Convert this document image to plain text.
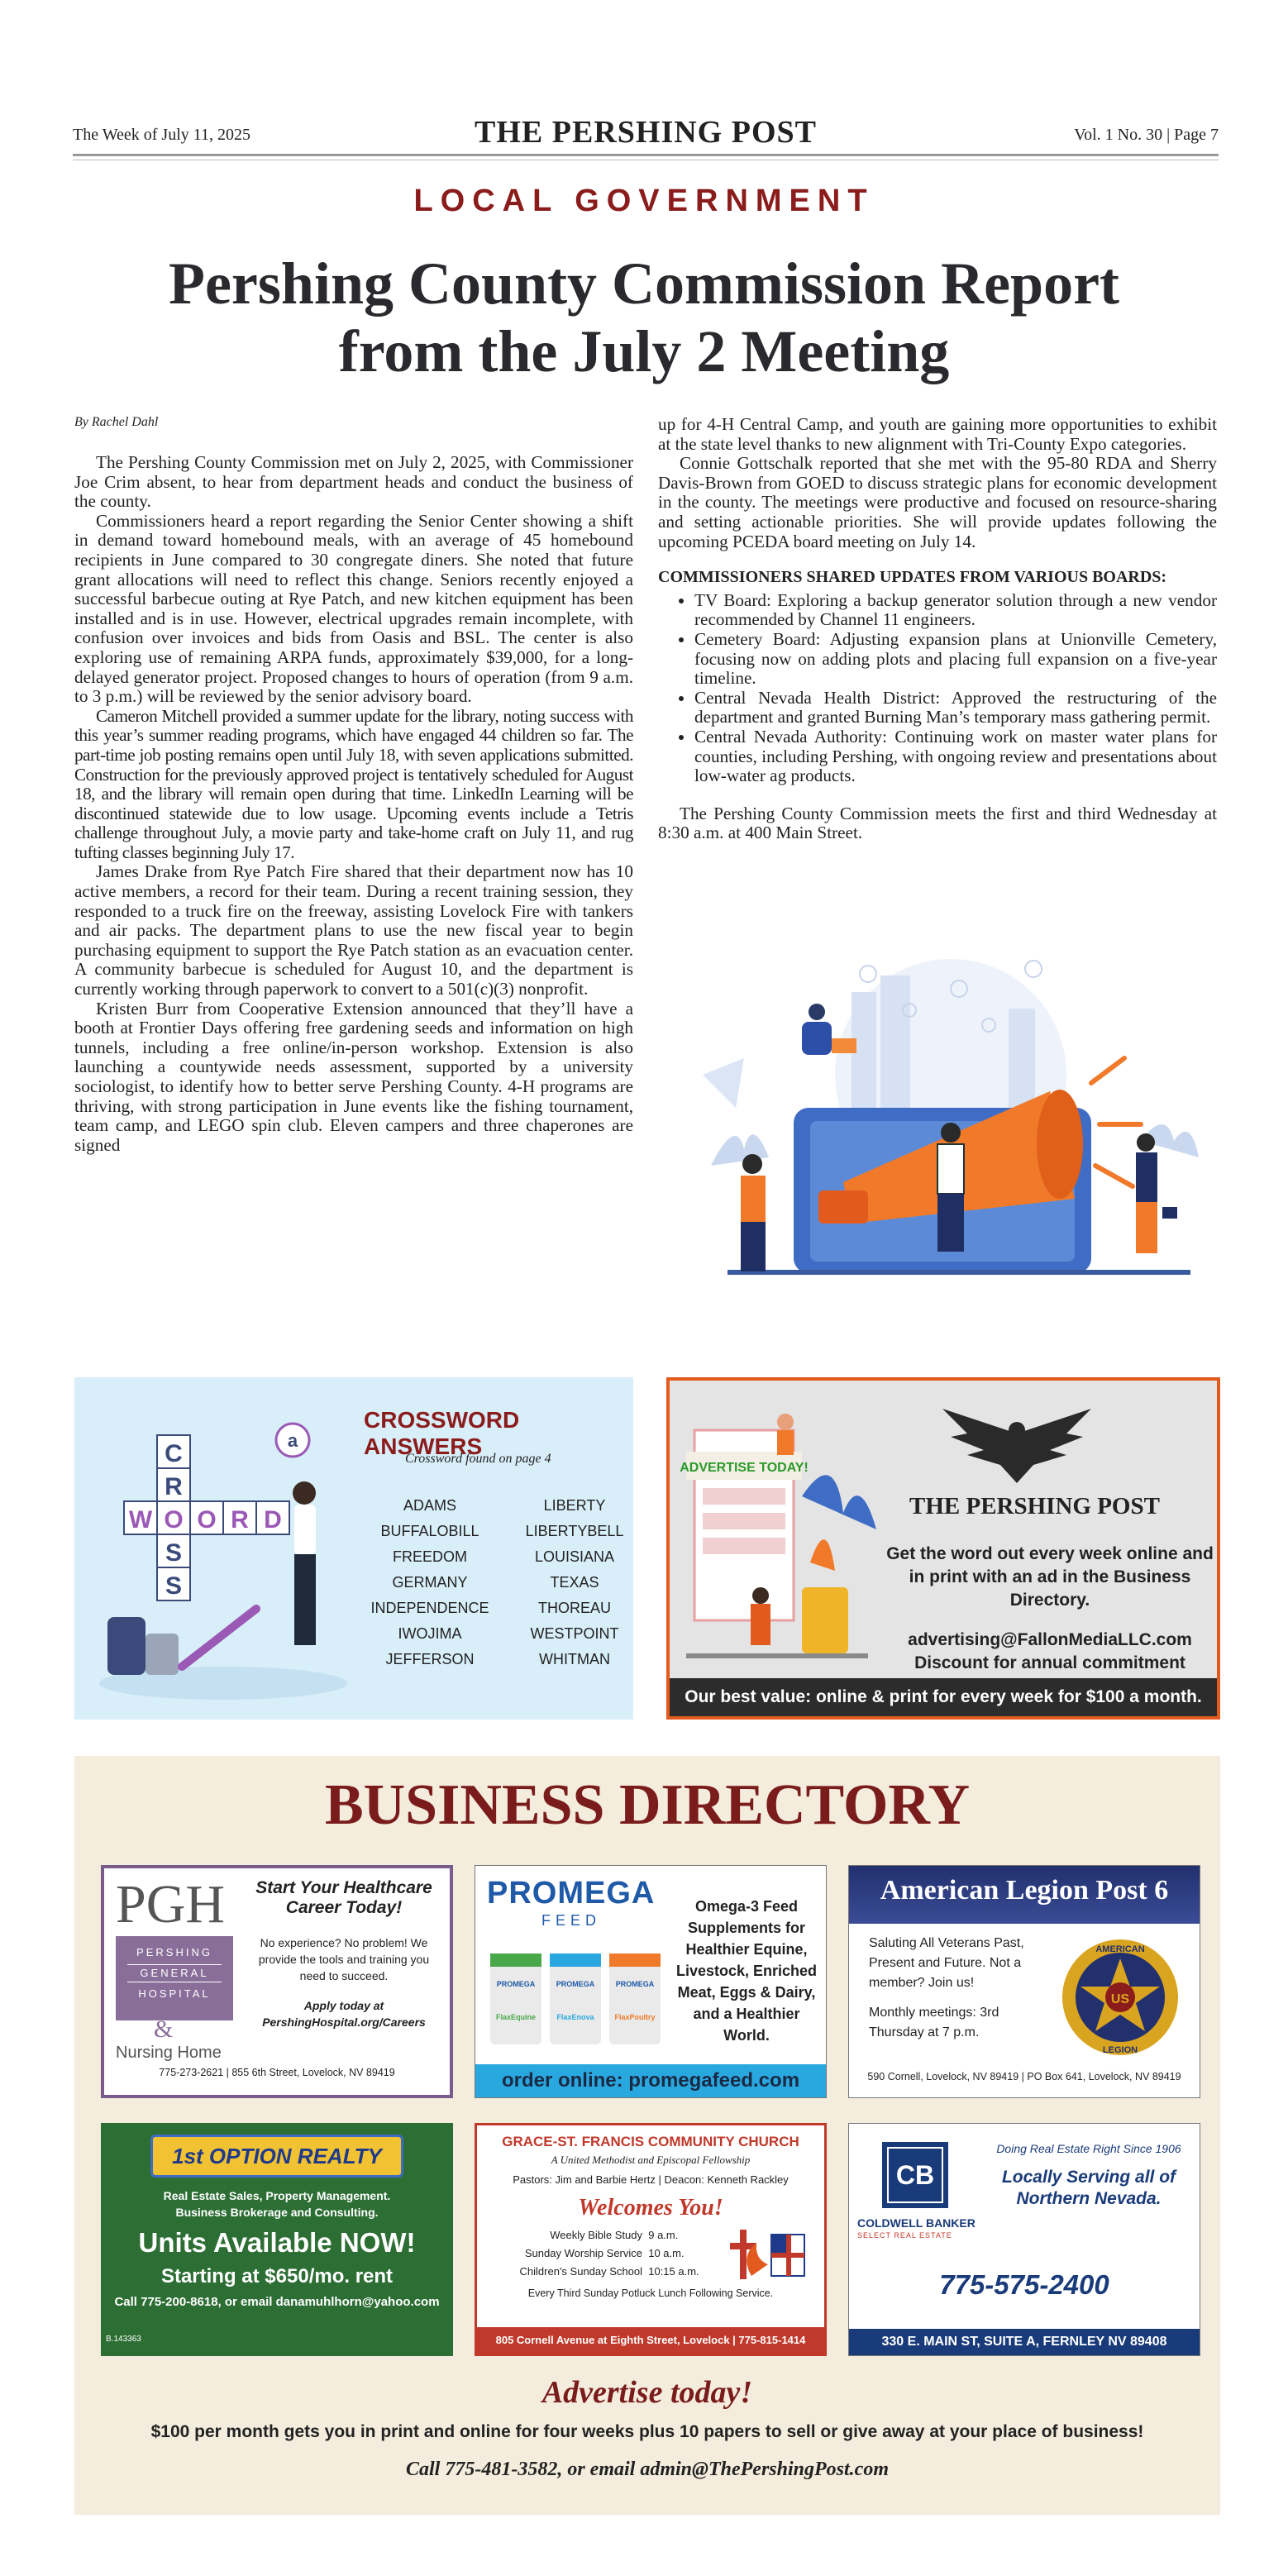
The Week of July 11, 2025	THE PERSHING POST	Vol. 1 No. 30 | Page 7
LOCAL GOVERNMENT
Pershing County Commission Report
from the July 2 Meeting
By Rachel Dahl

The Pershing County Commission met on July 2, 2025, with Commissioner Joe Crim absent, to hear from department heads and conduct the business of the county.

Commissioners heard a report regarding the Senior Center showing a shift in demand toward homebound meals, with an average of 45 homebound recipients in June compared to 30 congregate diners. She noted that future grant allocations will need to reflect this change. Seniors recently enjoyed a successful barbecue outing at Rye Patch, and new kitchen equipment has been installed and is in use. However, electrical upgrades remain incomplete, with confusion over invoices and bids from Oasis and BSL. The center is also exploring use of remaining ARPA funds, approximately $39,000, for a long-delayed generator project. Proposed changes to hours of operation (from 9 a.m. to 3 p.m.) will be reviewed by the senior advisory board.

Cameron Mitchell provided a summer update for the library, noting success with this year’s summer reading programs, which have engaged 44 children so far. The part-time job posting remains open until July 18, with seven applications submitted. Construction for the previously approved project is tentatively scheduled for August 18, and the library will remain open during that time. LinkedIn Learning will be discontinued statewide due to low usage. Upcoming events include a Tetris challenge throughout July, a movie party and take-home craft on July 11, and rug tufting classes beginning July 17.

James Drake from Rye Patch Fire shared that their department now has 10 active members, a record for their team. During a recent training session, they responded to a truck fire on the freeway, assisting Lovelock Fire with tankers and air packs. The department plans to use the new fiscal year to begin purchasing equipment to support the Rye Patch station as an evacuation center. A community barbecue is scheduled for August 10, and the department is currently working through paperwork to convert to a 501(c)(3) nonprofit.

Kristen Burr from Cooperative Extension announced that they’ll have a booth at Frontier Days offering free gardening seeds and information on high tunnels, including a free online/in-person workshop. Extension is also launching a countywide needs assessment, supported by a university sociologist, to identify how to better serve Pershing County. 4-H programs are thriving, with strong participation in June events like the fishing tournament, team camp, and LEGO spin club. Eleven campers and three chaperones are signed

up for 4-H Central Camp, and youth are gaining more opportunities to exhibit at the state level thanks to new alignment with Tri-County Expo categories.

Connie Gottschalk reported that she met with the 95-80 RDA and Sherry Davis-Brown from GOED to discuss strategic plans for economic development in the county. The meetings were productive and focused on resource-sharing and setting actionable priorities. She will provide updates following the upcoming PCEDA board meeting on July 14.

COMMISSIONERS SHARED UPDATES FROM VARIOUS BOARDS:
• TV Board: Exploring a backup generator solution through a new vendor recommended by Channel 11 engineers.
• Cemetery Board: Adjusting expansion plans at Unionville Cemetery, focusing now on adding plots and placing full expansion on a five-year timeline.
• Central Nevada Health District: Approved the restructuring of the department and granted Burning Man’s temporary mass gathering permit.
• Central Nevada Authority: Continuing work on master water plans for counties, including Pershing, with ongoing review and presentations about low-water ag products.

The Pershing County Commission meets the first and third Wednesday at 8:30 a.m. at 400 Main Street.

C
R
O
S
S
W O R D
a
CROSSWORD ANSWERS
Crossword found on page 4
ADAMS
BUFFALOBILL
FREEDOM
GERMANY
INDEPENDENCE
IWOJIMA
JEFFERSON
LIBERTY
LIBERTYBELL
LOUISIANA
TEXAS
THOREAU
WESTPOINT
WHITMAN
ADVERTISE TODAY!
THE PERSHING POST
Get the word out every week online and in print with an ad in the Business Directory.
advertising@FallonMediaLLC.com
Discount for annual commitment
Our best value: online & print for every week for $100 a month.
BUSINESS DIRECTORY
PGH
PERSHING
GENERAL
HOSPITAL
&
Nursing Home
Start Your Healthcare Career Today!
No experience? No problem! We provide the tools and training you need to succeed.
Apply today at PershingHospital.org/Careers
775-273-2621 | 855 6th Street, Lovelock, NV 89419
PROMEGA
FEED
PROMEGA
FlaxEquine
PROMEGA
FlaxEnova
PROMEGA
FlaxPoultry
Omega-3 Feed Supplements for Healthier Equine, Livestock, Enriched Meat, Eggs & Dairy, and a Healthier World.
order online: promegafeed.com
American Legion Post 6
Saluting All Veterans Past, Present and Future. Not a member? Join us!
Monthly meetings: 3rd Thursday at 7 p.m.
US
AMERICAN
LEGION
590 Cornell, Lovelock, NV 89419 | PO Box 641, Lovelock, NV 89419
1st OPTION REALTY
Real Estate Sales, Property Management.
Business Brokerage and Consulting.
Units Available NOW!
Starting at $650/mo. rent
Call 775-200-8618, or email danamuhlhorn@yahoo.com
B.143363
GRACE-ST. FRANCIS COMMUNITY CHURCH
A United Methodist and Episcopal Fellowship
Pastors: Jim and Barbie Hertz | Deacon: Kenneth Rackley
Welcomes You!
Weekly Bible Study 9 a.m.
Sunday Worship Service 10 a.m.
Children's Sunday School 10:15 a.m.
Every Third Sunday Potluck Lunch Following Service.
805 Cornell Avenue at Eighth Street, Lovelock | 775-815-1414
CB
COLDWELL BANKER
SELECT REAL ESTATE
Doing Real Estate Right Since 1906
Locally Serving all of Northern Nevada.
775-575-2400
330 E. MAIN ST, SUITE A, FERNLEY NV 89408
Advertise today!
$100 per month gets you in print and online for four weeks plus 10 papers to sell or give away at your place of business!
Call 775-481-3582, or email admin@ThePershingPost.com
